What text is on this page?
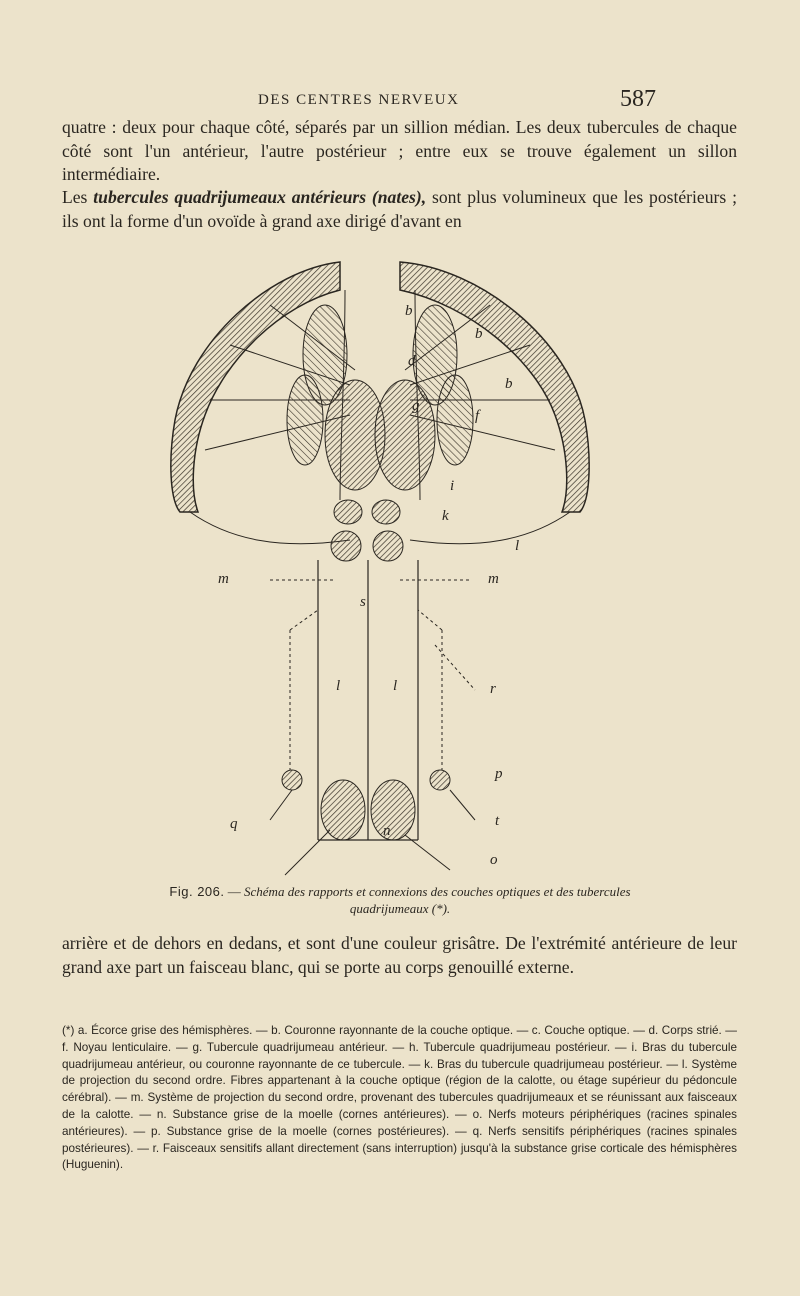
DES CENTRES NERVEUX	587

quatre : deux pour chaque côté, séparés par un sillion médian. Les deux tubercules de chaque côté sont l'un antérieur, l'autre postérieur ; entre eux se trouve également un sillon intermédiaire.

Les tubercules quadrijumeaux antérieurs (nates), sont plus volumineux que les postérieurs ; ils ont la forme d'un ovoïde à grand axe dirigé d'avant en

b
b
b
d
g
f
i
k
l
m	m
s
l	l	r
p
q	n
o
t
Fig. 206. — Schéma des rapports et connexions des couches optiques et des tubercules quadrijumeaux (*).

arrière et de dehors en dedans, et sont d'une couleur grisâtre. De l'extrémité antérieure de leur grand axe part un faisceau blanc, qui se porte au corps genouillé externe.

(*) a. Écorce grise des hémisphères. — b. Couronne rayonnante de la couche optique. — c. Couche optique. — d. Corps strié. — f. Noyau lenticulaire. — g. Tubercule quadrijumeau antérieur. — h. Tubercule quadrijumeau postérieur. — i. Bras du tubercule quadrijumeau antérieur, ou couronne rayonnante de ce tubercule. — k. Bras du tubercule quadrijumeau postérieur. — l. Système de projection du second ordre. Fibres appartenant à la couche optique (région de la calotte, ou étage supérieur du pédoncule cérébral). — m. Système de projection du second ordre, provenant des tubercules quadrijumeaux et se réunissant aux faisceaux de la calotte. — n. Substance grise de la moelle (cornes antérieures). — o. Nerfs moteurs périphériques (racines spinales antérieures). — p. Substance grise de la moelle (cornes postérieures). — q. Nerfs sensitifs périphériques (racines spinales postérieures). — r. Faisceaux sensitifs allant directement (sans interruption) jusqu'à la substance grise corticale des hémisphères (Huguenin).
